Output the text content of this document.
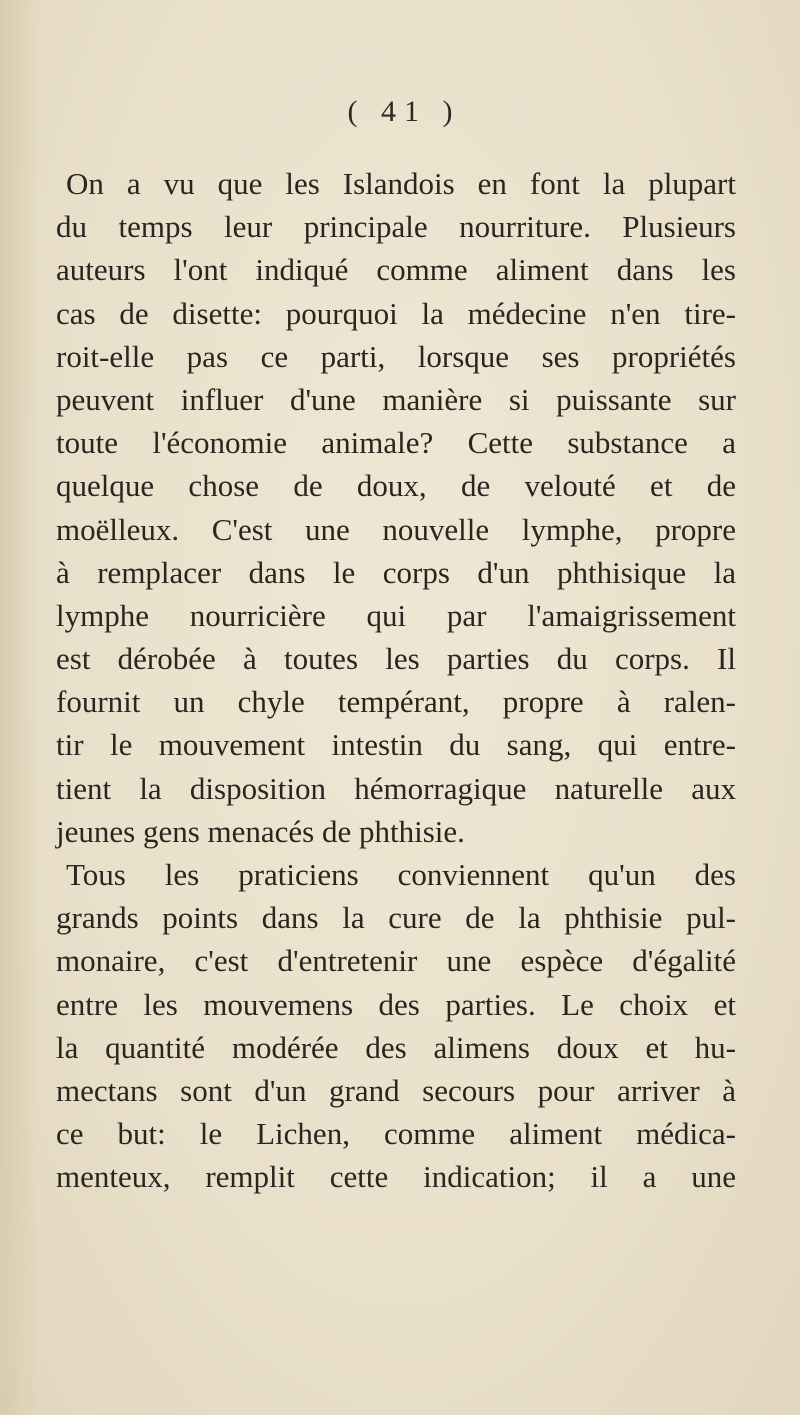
( 41 )
On a vu que les Islandois en font la plupart
du temps leur principale nourriture. Plusieurs
auteurs l'ont indiqué comme aliment dans les
cas de disette: pourquoi la médecine n'en tire-
roit-elle pas ce parti, lorsque ses propriétés
peuvent influer d'une manière si puissante sur
toute l'économie animale? Cette substance a
quelque chose de doux, de velouté et de
moëlleux. C'est une nouvelle lymphe, propre
à remplacer dans le corps d'un phthisique la
lymphe nourricière qui par l'amaigrissement
est dérobée à toutes les parties du corps. Il
fournit un chyle tempérant, propre à ralen-
tir le mouvement intestin du sang, qui entre-
tient la disposition hémorragique naturelle aux
jeunes gens menacés de phthisie.
Tous les praticiens conviennent qu'un des
grands points dans la cure de la phthisie pul-
monaire, c'est d'entretenir une espèce d'égalité
entre les mouvemens des parties. Le choix et
la quantité modérée des alimens doux et hu-
mectans sont d'un grand secours pour arriver à
ce but: le Lichen, comme aliment médica-
menteux, remplit cette indication; il a une
